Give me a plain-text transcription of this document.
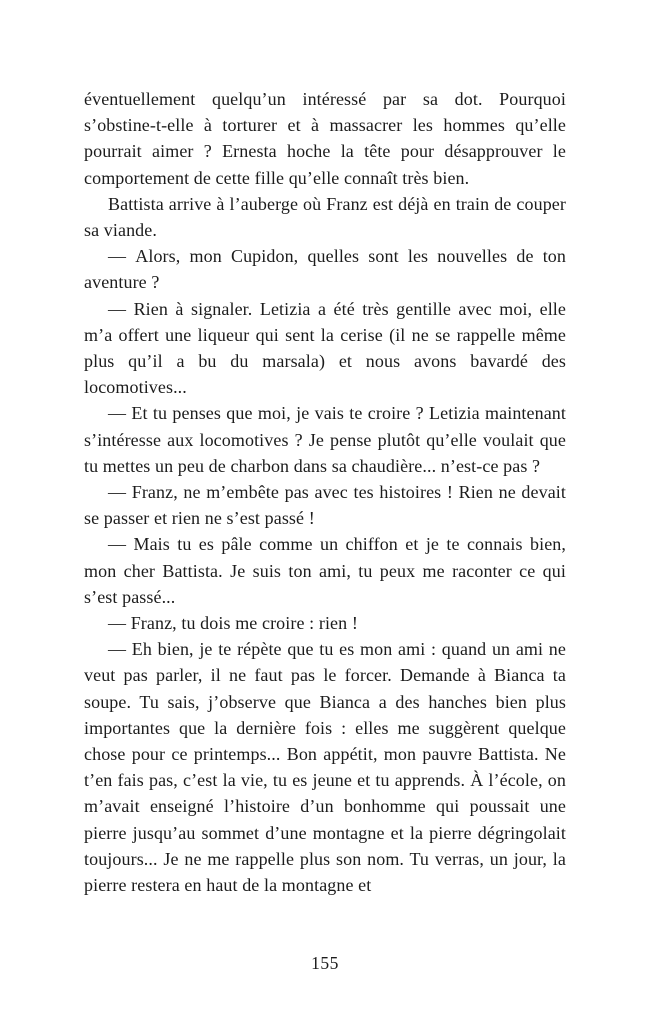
éventuellement quelqu’un intéressé par sa dot. Pourquoi s’obstine-t-elle à torturer et à massacrer les hommes qu’elle pourrait aimer ? Ernesta hoche la tête pour désapprouver le comportement de cette fille qu’elle connaît très bien.

Battista arrive à l’auberge où Franz est déjà en train de couper sa viande.

— Alors, mon Cupidon, quelles sont les nouvelles de ton aventure ?

— Rien à signaler. Letizia a été très gentille avec moi, elle m’a offert une liqueur qui sent la cerise (il ne se rappelle même plus qu’il a bu du marsala) et nous avons bavardé des locomotives...

— Et tu penses que moi, je vais te croire ? Letizia maintenant s’intéresse aux locomotives ? Je pense plutôt qu’elle voulait que tu mettes un peu de charbon dans sa chaudière... n’est-ce pas ?

— Franz, ne m’embête pas avec tes histoires ! Rien ne devait se passer et rien ne s’est passé !

— Mais tu es pâle comme un chiffon et je te connais bien, mon cher Battista. Je suis ton ami, tu peux me raconter ce qui s’est passé...

— Franz, tu dois me croire : rien !

— Eh bien, je te répète que tu es mon ami : quand un ami ne veut pas parler, il ne faut pas le forcer. Demande à Bianca ta soupe. Tu sais, j’observe que Bianca a des hanches bien plus importantes que la dernière fois : elles me suggèrent quelque chose pour ce printemps... Bon appétit, mon pauvre Battista. Ne t’en fais pas, c’est la vie, tu es jeune et tu apprends. À l’école, on m’avait enseigné l’histoire d’un bonhomme qui poussait une pierre jusqu’au sommet d’une montagne et la pierre dégringolait toujours... Je ne me rappelle plus son nom. Tu verras, un jour, la pierre restera en haut de la montagne et

155
